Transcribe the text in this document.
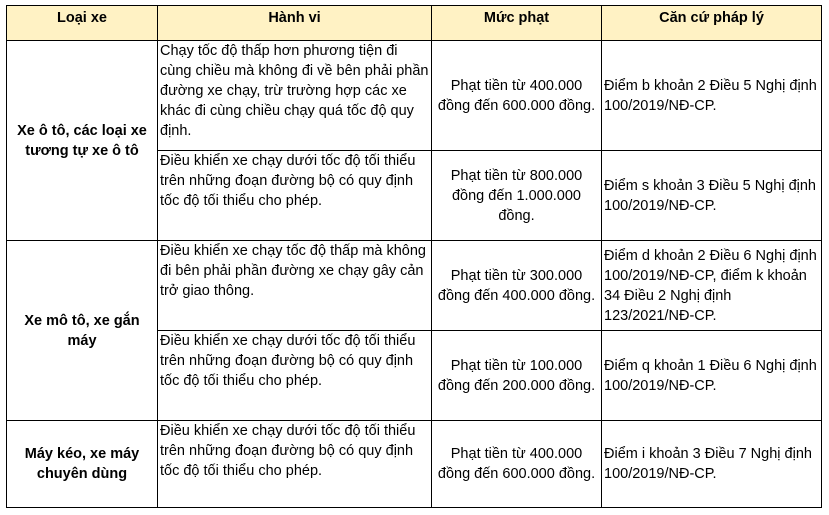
Loại xe	Hành vi	Mức phạt	Căn cứ pháp lý
Xe ô tô, các loại xe tương tự xe ô tô	Chạy tốc độ thấp hơn phương tiện đi cùng chiều mà không đi về bên phải phần đường xe chạy, trừ trường hợp các xe khác đi cùng chiều chạy quá tốc độ quy định.	Phạt tiền từ 400.000 đồng đến 600.000 đồng.	Điểm b khoản 2 Điều 5 Nghị định 100/2019/NĐ-CP.
	Điều khiển xe chạy dưới tốc độ tối thiểu trên những đoạn đường bộ có quy định tốc độ tối thiểu cho phép.	Phạt tiền từ 800.000 đồng đến 1.000.000 đồng.	Điểm s khoản 3 Điều 5 Nghị định 100/2019/NĐ-CP.
Xe mô tô, xe gắn máy	Điều khiển xe chạy tốc độ thấp mà không đi bên phải phần đường xe chạy gây cản trở giao thông.	Phạt tiền từ 300.000 đồng đến 400.000 đồng.	Điểm d khoản 2 Điều 6 Nghị định 100/2019/NĐ-CP, điểm k khoản 34 Điều 2 Nghị định 123/2021/NĐ-CP.
	Điều khiển xe chạy dưới tốc độ tối thiểu trên những đoạn đường bộ có quy định tốc độ tối thiểu cho phép.	Phạt tiền từ 100.000 đồng đến 200.000 đồng.	Điểm q khoản 1 Điều 6 Nghị định 100/2019/NĐ-CP.
Máy kéo, xe máy chuyên dùng	Điều khiển xe chạy dưới tốc độ tối thiểu trên những đoạn đường bộ có quy định tốc độ tối thiểu cho phép.	Phạt tiền từ 400.000 đồng đến 600.000 đồng.	Điểm i khoản 3 Điều 7 Nghị định 100/2019/NĐ-CP.
